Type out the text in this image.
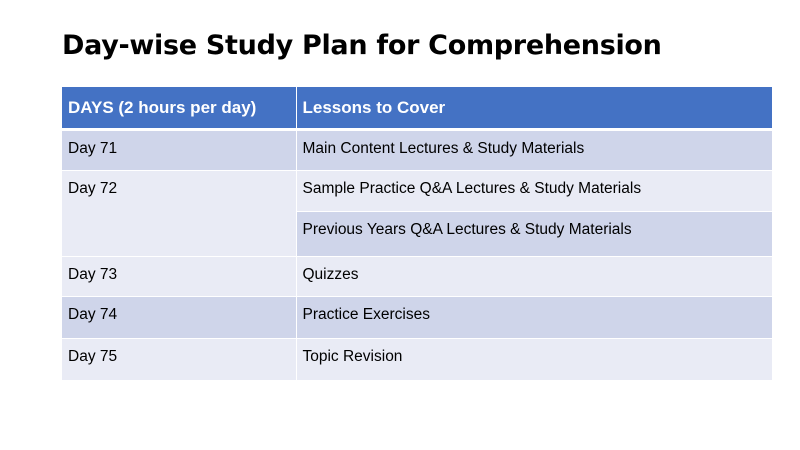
Day-wise Study Plan for Comprehension
DAYS (2 hours per day)	Lessons to Cover
Day 71	Main Content Lectures & Study Materials
Day 72	Sample Practice Q&A Lectures & Study Materials
	Previous Years Q&A Lectures & Study Materials
Day 73	Quizzes
Day 74	Practice Exercises
Day 75	Topic Revision
